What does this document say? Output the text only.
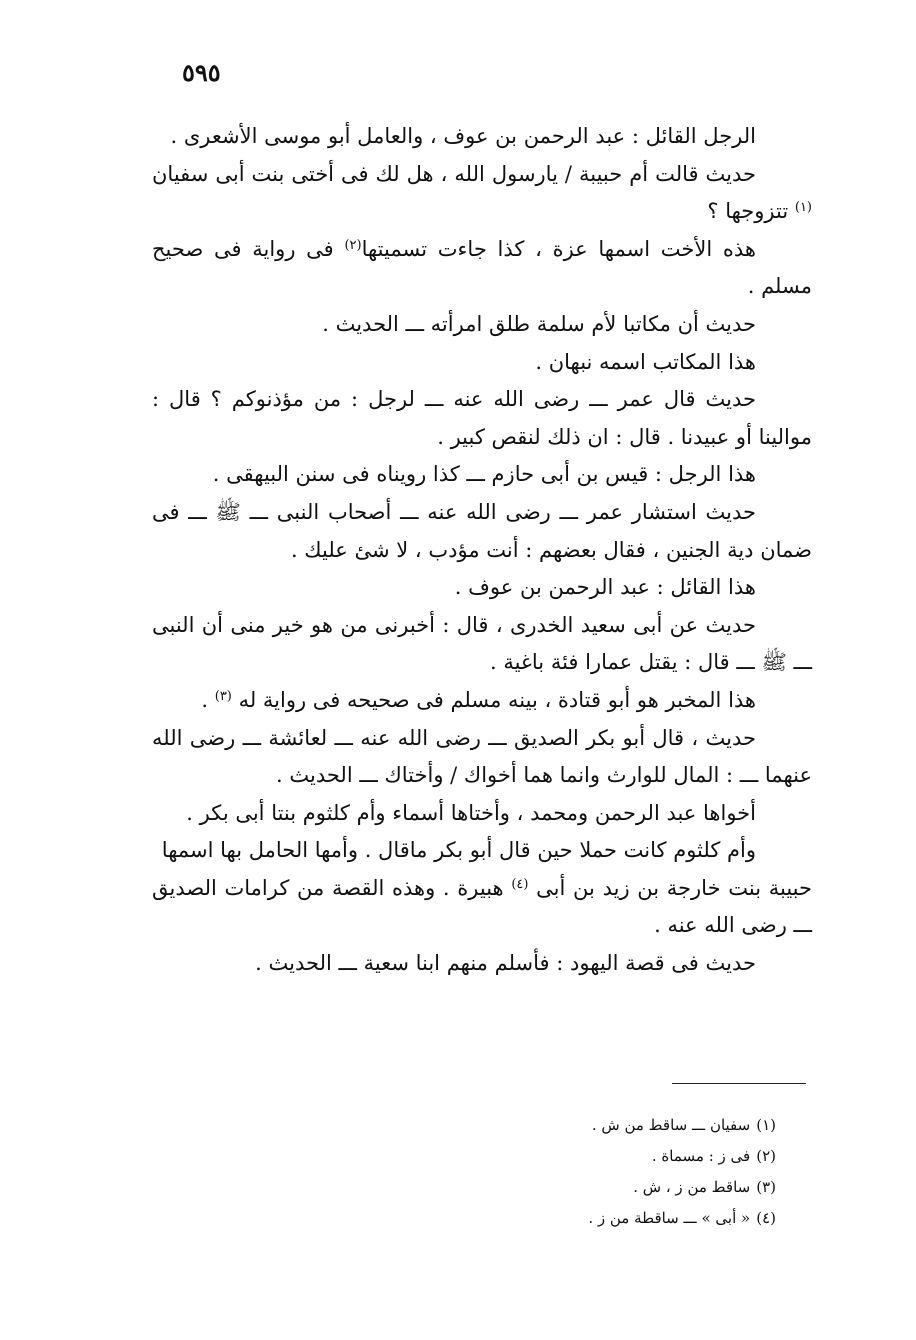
٥٩٥

الرجل القائل : عبد الرحمن بن عوف ، والعامل أبو موسى الأشعرى .

حديث قالت أم حبيبة / يارسول الله ، هل لك فى أختى بنت أبى سفيان $^{(١)}$ تتزوجها ؟

هذه الأخت اسمها عزة ، كذا جاءت تسميتها$^{(٢)}$ فى رواية فى صحيح مسلم .

حديث أن مكاتبا لأم سلمة طلق امرأته ـــ الحديث .

هذا المكاتب اسمه نبهان .

حديث قال عمر ـــ رضى الله عنه ـــ لرجل : من مؤذنوكم ؟ قال : موالينا أو عبيدنا . قال : ان ذلك لنقص كبير .

هذا الرجل : قيس بن أبى حازم ـــ كذا رويناه فى سنن البيهقى .

حديث استشار عمر ـــ رضى الله عنه ـــ أصحاب النبى ـــ ﷺ ـــ فى ضمان دية الجنين ، فقال بعضهم : أنت مؤدب ، لا شئ عليك .

هذا القائل : عبد الرحمن بن عوف .

حديث عن أبى سعيد الخدرى ، قال : أخبرنى من هو خير منى أن النبى ـــ ﷺ ـــ قال : يقتل عمارا فئة باغية .

هذا المخبر هو أبو قتادة ، بينه مسلم فى صحيحه فى رواية له $^{(٣)}$ .

حديث ، قال أبو بكر الصديق ـــ رضى الله عنه ـــ لعائشة ـــ رضى الله عنهما ـــ : المال للوارث وانما هما أخواك / وأختاك ـــ الحديث .

أخواها عبد الرحمن ومحمد ، وأختاها أسماء وأم كلثوم بنتا أبى بكر .

وأم كلثوم كانت حملا حين قال أبو بكر ماقال . وأمها الحامل بها اسمها

حبيبة بنت خارجة بن زيد بن أبى $^{(٤)}$ هبيرة . وهذه القصة من كرامات الصديق ـــ رضى الله عنه .

حديث فى قصة اليهود : فأسلم منهم ابنا سعية ـــ الحديث .

(١)سفيان ـــ ساقط من ش .

(٢)فى ز : مسماة .

(٣)ساقط من ز ، ش .

(٤)« أبى » ـــ ساقطة من ز .
